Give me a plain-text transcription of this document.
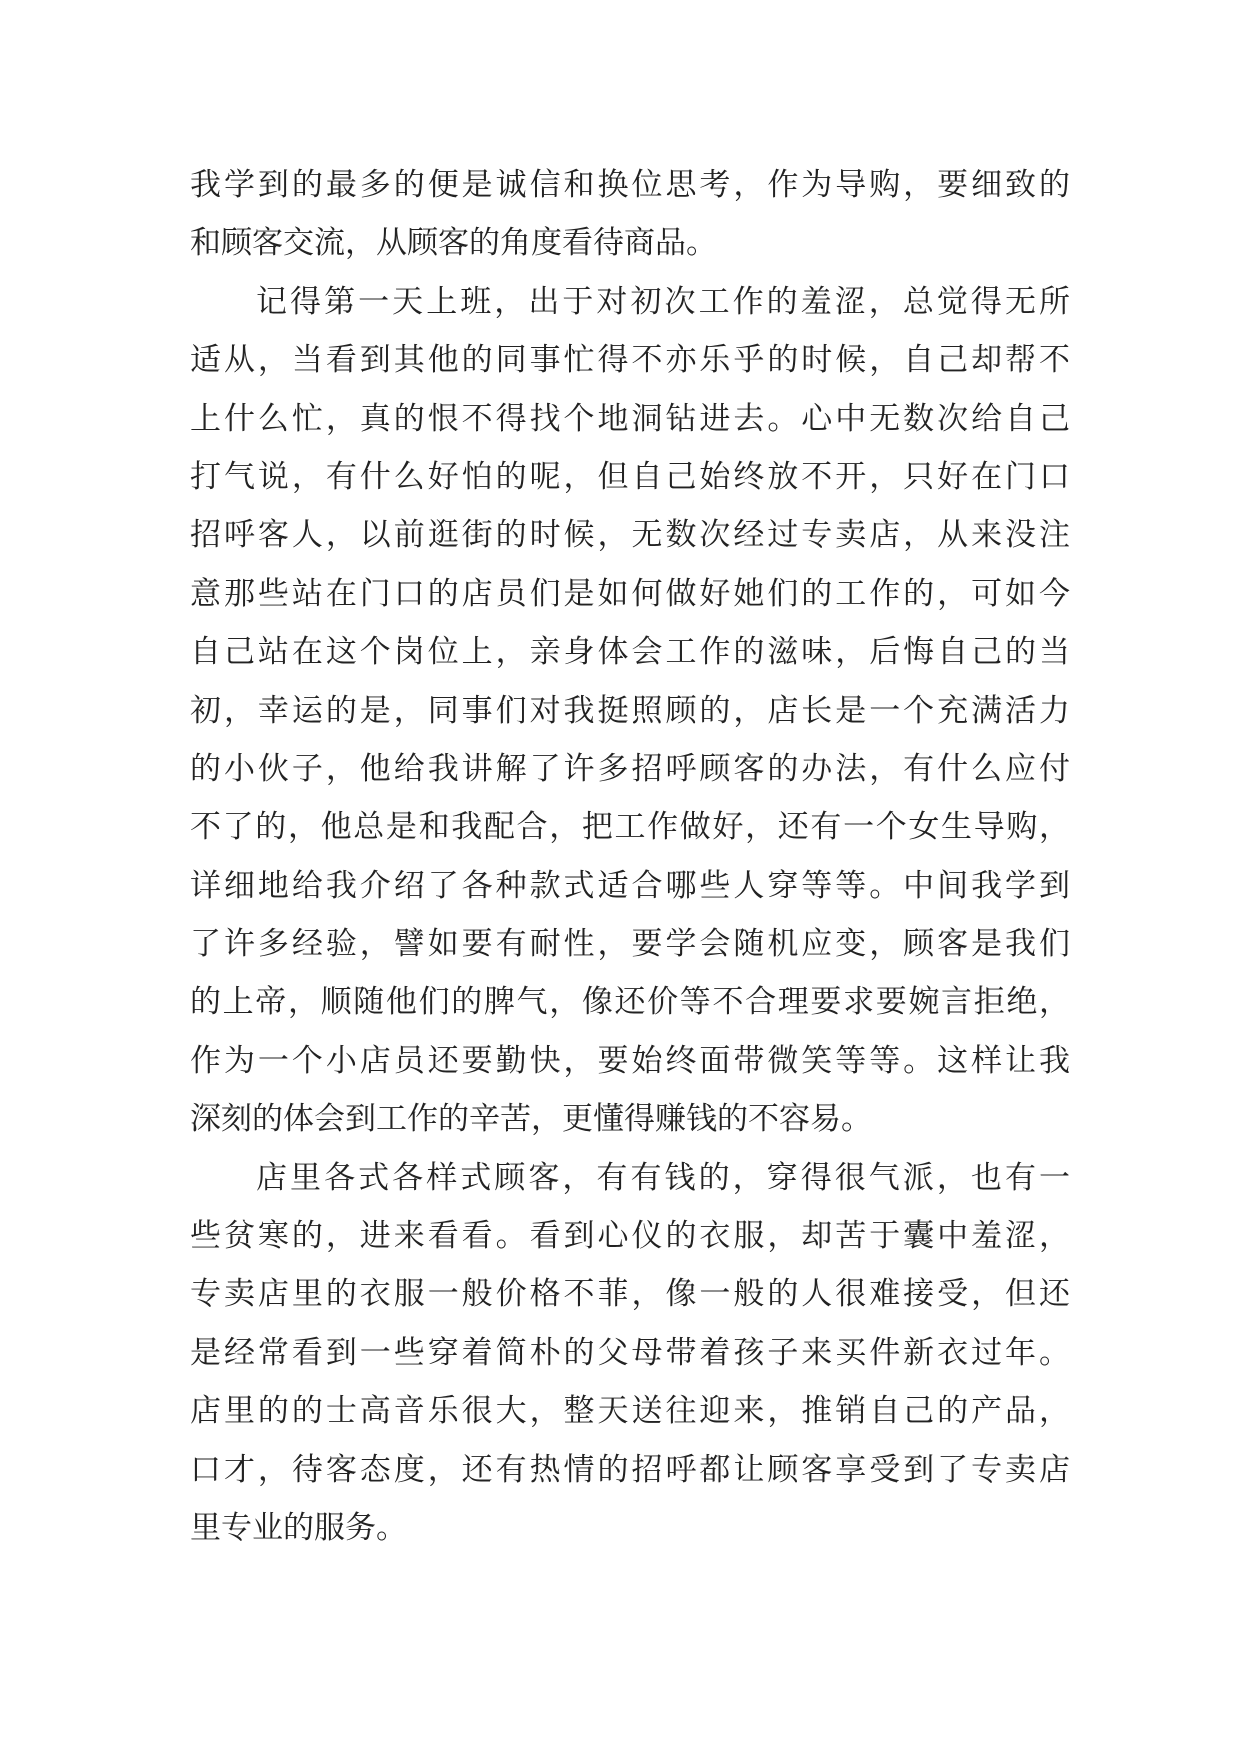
我学到的最多的便是诚信和换位思考，作为导购，要细致的
和顾客交流，从顾客的角度看待商品。
记得第一天上班，出于对初次工作的羞涩，总觉得无所
适从，当看到其他的同事忙得不亦乐乎的时候，自己却帮不
上什么忙，真的恨不得找个地洞钻进去。心中无数次给自己
打气说，有什么好怕的呢，但自己始终放不开，只好在门口
招呼客人，以前逛街的时候，无数次经过专卖店，从来没注
意那些站在门口的店员们是如何做好她们的工作的，可如今
自己站在这个岗位上，亲身体会工作的滋味，后悔自己的当
初，幸运的是，同事们对我挺照顾的，店长是一个充满活力
的小伙子，他给我讲解了许多招呼顾客的办法，有什么应付
不了的，他总是和我配合，把工作做好，还有一个女生导购，
详细地给我介绍了各种款式适合哪些人穿等等。中间我学到
了许多经验，譬如要有耐性，要学会随机应变，顾客是我们
的上帝，顺随他们的脾气，像还价等不合理要求要婉言拒绝，
作为一个小店员还要勤快，要始终面带微笑等等。这样让我
深刻的体会到工作的辛苦，更懂得赚钱的不容易。
店里各式各样式顾客，有有钱的，穿得很气派，也有一
些贫寒的，进来看看。看到心仪的衣服，却苦于囊中羞涩，
专卖店里的衣服一般价格不菲，像一般的人很难接受，但还
是经常看到一些穿着简朴的父母带着孩子来买件新衣过年。
店里的的士高音乐很大，整天送往迎来，推销自己的产品，
口才，待客态度，还有热情的招呼都让顾客享受到了专卖店
里专业的服务。
